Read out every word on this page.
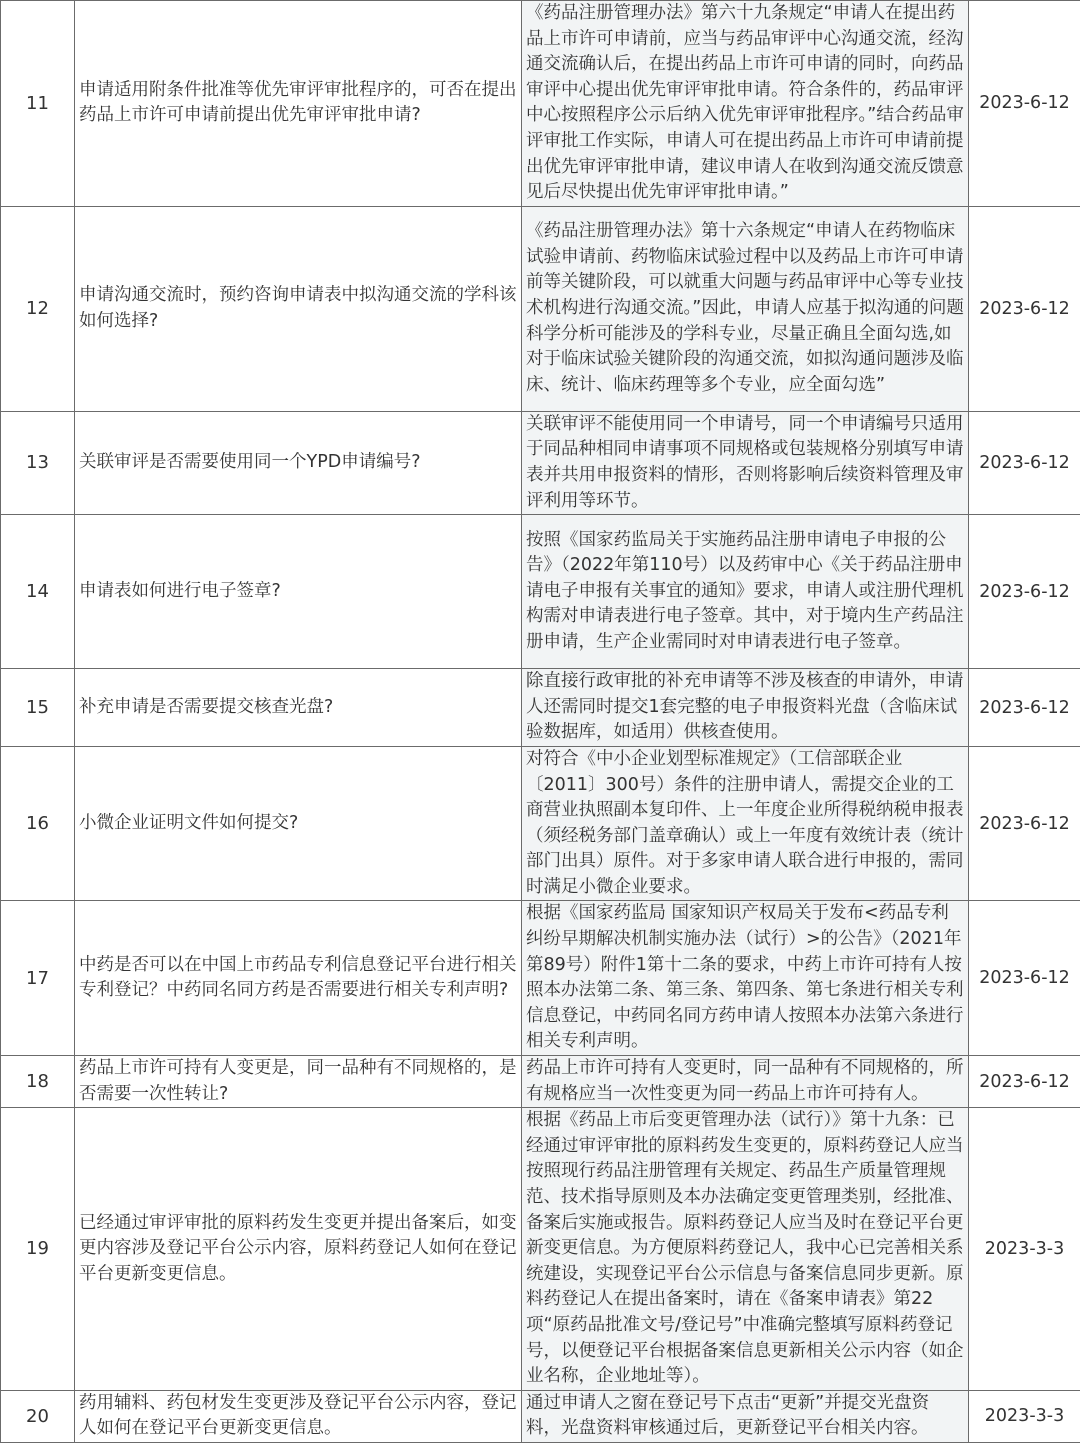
11	申请适用附条件批准等优先审评审批程序的，可否在提出药品上市许可申请前提出优先审评审批申请?	《药品注册管理办法》第六十九条规定“申请人在提出药品上市许可申请前，应当与药品审评中心沟通交流，经沟通交流确认后，在提出药品上市许可申请的同时，向药品审评中心提出优先审评审批申请。符合条件的，药品审评中心按照程序公示后纳入优先审评审批程序。”结合药品审评审批工作实际，申请人可在提出药品上市许可申请前提出优先审评审批申请，建议申请人在收到沟通交流反馈意见后尽快提出优先审评审批申请。”	2023-6-12
12	申请沟通交流时，预约咨询申请表中拟沟通交流的学科该如何选择?	《药品注册管理办法》第十六条规定“申请人在药物临床试验申请前、药物临床试验过程中以及药品上市许可申请前等关键阶段，可以就重大问题与药品审评中心等专业技术机构进行沟通交流。”因此，申请人应基于拟沟通的问题科学分析可能涉及的学科专业，尽量正确且全面勾选,如对于临床试验关键阶段的沟通交流，如拟沟通问题涉及临床、统计、临床药理等多个专业，应全面勾选”	2023-6-12
13	关联审评是否需要使用同一个YPD申请编号?	关联审评不能使用同一个申请号，同一个申请编号只适用于同品种相同申请事项不同规格或包装规格分别填写申请表并共用申报资料的情形，否则将影响后续资料管理及审评利用等环节。	2023-6-12
14	申请表如何进行电子签章?	按照《国家药监局关于实施药品注册申请电子申报的公告》（2022年第110号）以及药审中心《关于药品注册申请电子申报有关事宜的通知》要求，申请人或注册代理机构需对申请表进行电子签章。其中，对于境内生产药品注册申请，生产企业需同时对申请表进行电子签章。	2023-6-12
15	补充申请是否需要提交核查光盘?	除直接行政审批的补充申请等不涉及核查的申请外，申请人还需同时提交1套完整的电子申报资料光盘（含临床试验数据库，如适用）供核查使用。	2023-6-12
16	小微企业证明文件如何提交?	对符合《中小企业划型标准规定》（工信部联企业〔2011〕300号）条件的注册申请人，需提交企业的工商营业执照副本复印件、上一年度企业所得税纳税申报表（须经税务部门盖章确认）或上一年度有效统计表（统计部门出具）原件。对于多家申请人联合进行申报的，需同时满足小微企业要求。	2023-6-12
17	中药是否可以在中国上市药品专利信息登记平台进行相关专利登记？中药同名同方药是否需要进行相关专利声明?	根据《国家药监局 国家知识产权局关于发布<药品专利纠纷早期解决机制实施办法（试行）>的公告》（2021年第89号）附件1第十二条的要求，中药上市许可持有人按照本办法第二条、第三条、第四条、第七条进行相关专利信息登记，中药同名同方药申请人按照本办法第六条进行相关专利声明。	2023-6-12
18	药品上市许可持有人变更是，同一品种有不同规格的，是否需要一次性转让?	药品上市许可持有人变更时，同一品种有不同规格的，所有规格应当一次性变更为同一药品上市许可持有人。	2023-6-12
19	已经通过审评审批的原料药发生变更并提出备案后，如变更内容涉及登记平台公示内容，原料药登记人如何在登记平台更新变更信息。	根据《药品上市后变更管理办法（试行）》第十九条：已经通过审评审批的原料药发生变更的，原料药登记人应当按照现行药品注册管理有关规定、药品生产质量管理规范、技术指导原则及本办法确定变更管理类别，经批准、备案后实施或报告。原料药登记人应当及时在登记平台更新变更信息。为方便原料药登记人，我中心已完善相关系统建设，实现登记平台公示信息与备案信息同步更新。原料药登记人在提出备案时，请在《备案申请表》第22项“原药品批准文号/登记号”中准确完整填写原料药登记号，以便登记平台根据备案信息更新相关公示内容（如企业名称，企业地址等）。	2023-3-3
20	药用辅料、药包材发生变更涉及登记平台公示内容，登记人如何在登记平台更新变更信息。	通过申请人之窗在登记号下点击“更新”并提交光盘资料，光盘资料审核通过后，更新登记平台相关内容。	2023-3-3
